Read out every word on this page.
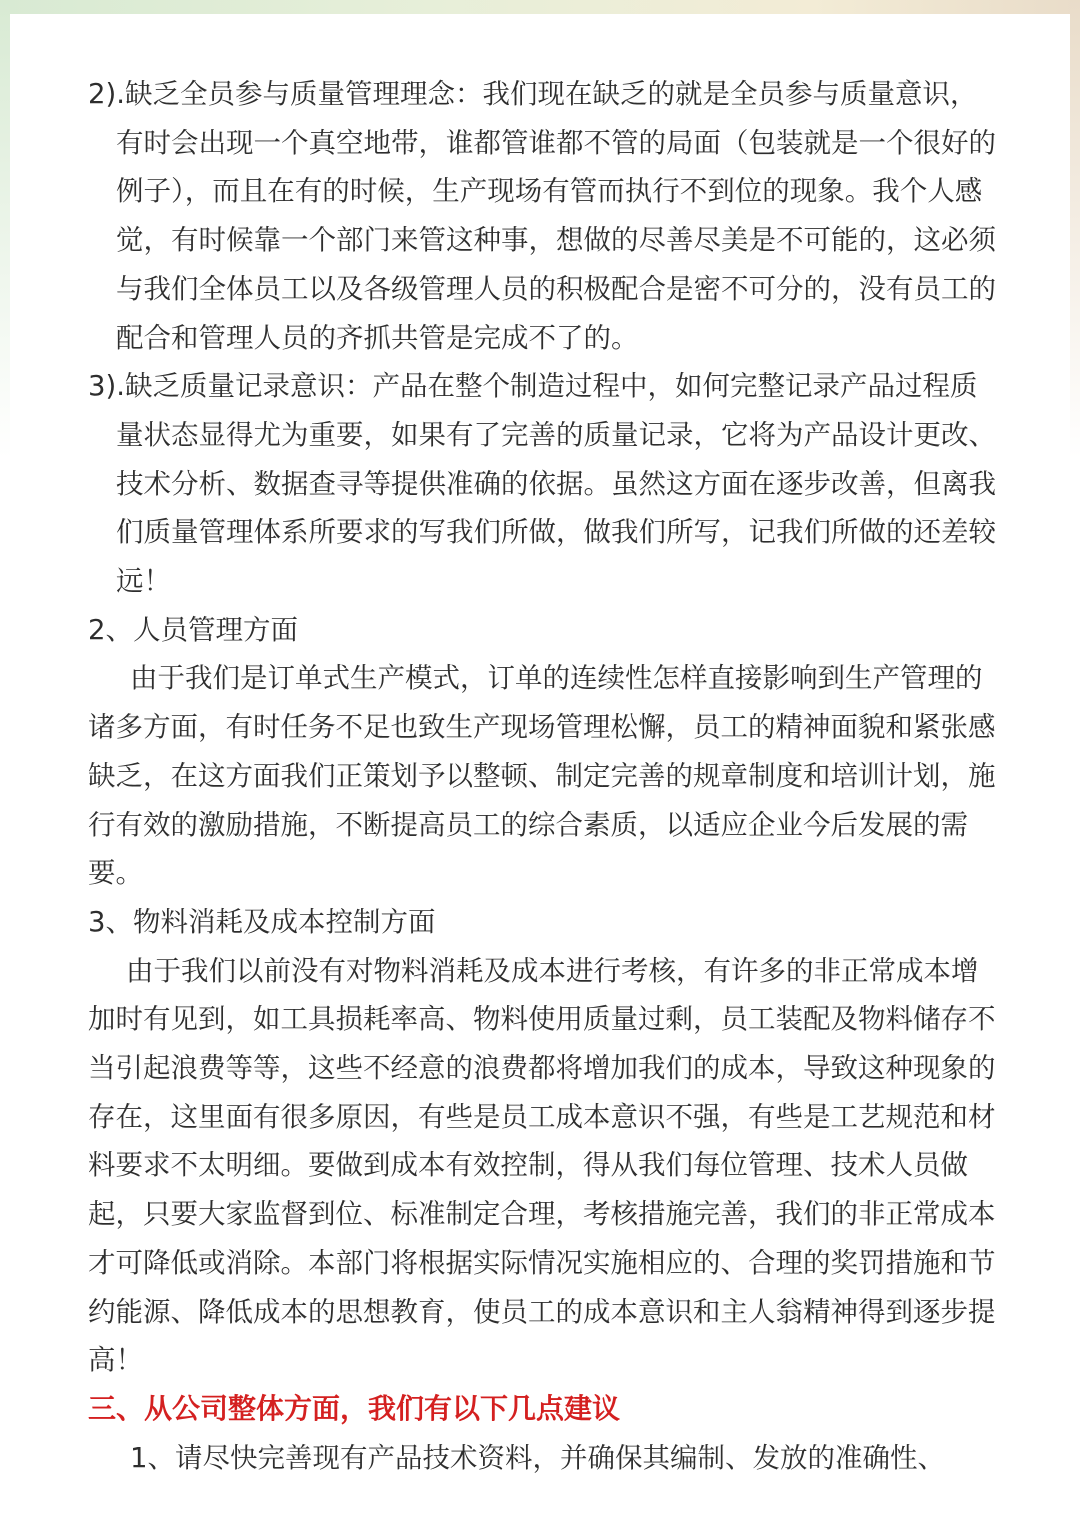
2).缺乏全员参与质量管理理念：我们现在缺乏的就是全员参与质量意识，有时会出现一个真空地带，谁都管谁都不管的局面（包装就是一个很好的例子），而且在有的时候，生产现场有管而执行不到位的现象。我个人感觉，有时候靠一个部门来管这种事，想做的尽善尽美是不可能的，这必须与我们全体员工以及各级管理人员的积极配合是密不可分的，没有员工的配合和管理人员的齐抓共管是完成不了的。

3).缺乏质量记录意识：产品在整个制造过程中，如何完整记录产品过程质量状态显得尤为重要，如果有了完善的质量记录，它将为产品设计更改、技术分析、数据查寻等提供准确的依据。虽然这方面在逐步改善，但离我们质量管理体系所要求的写我们所做，做我们所写，记我们所做的还差较远！

2、人员管理方面

由于我们是订单式生产模式，订单的连续性怎样直接影响到生产管理的诸多方面，有时任务不足也致生产现场管理松懈，员工的精神面貌和紧张感缺乏，在这方面我们正策划予以整顿、制定完善的规章制度和培训计划，施行有效的激励措施，不断提高员工的综合素质，以适应企业今后发展的需要。

3、物料消耗及成本控制方面

由于我们以前没有对物料消耗及成本进行考核，有许多的非正常成本增加时有见到，如工具损耗率高、物料使用质量过剩，员工装配及物料储存不当引起浪费等等，这些不经意的浪费都将增加我们的成本，导致这种现象的存在，这里面有很多原因，有些是员工成本意识不强，有些是工艺规范和材料要求不太明细。要做到成本有效控制，得从我们每位管理、技术人员做起，只要大家监督到位、标准制定合理，考核措施完善，我们的非正常成本才可降低或消除。本部门将根据实际情况实施相应的、合理的奖罚措施和节约能源、降低成本的思想教育，使员工的成本意识和主人翁精神得到逐步提高！

三、从公司整体方面，我们有以下几点建议

1、请尽快完善现有产品技术资料，并确保其编制、发放的准确性、
